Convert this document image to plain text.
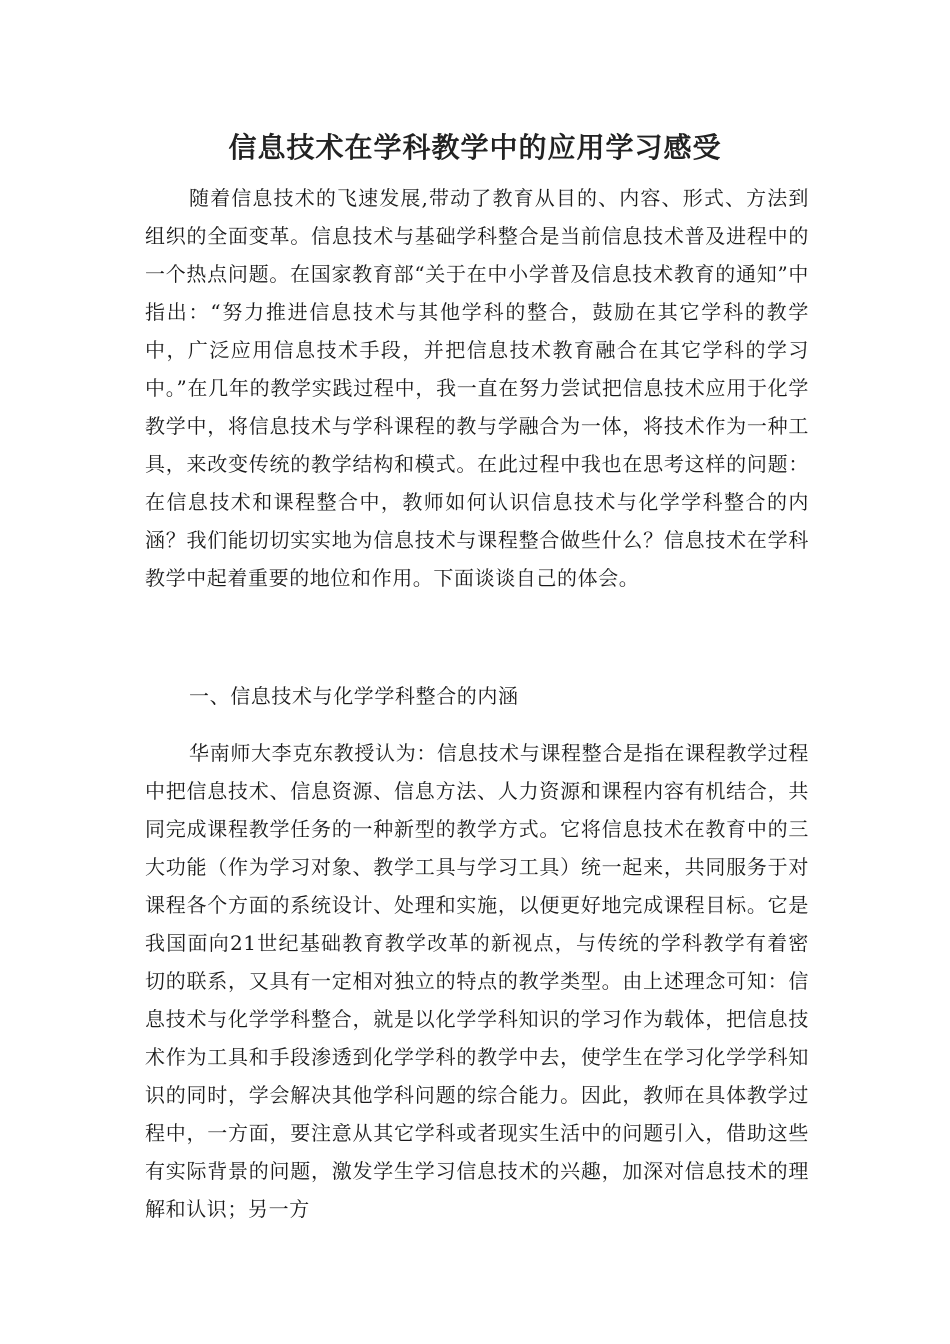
信息技术在学科教学中的应用学习感受

随着信息技术的飞速发展,带动了教育从目的、内容、形式、方法到组织的全面变革。信息技术与基础学科整合是当前信息技术普及进程中的一个热点问题。在国家教育部“关于在中小学普及信息技术教育的通知”中指出：“努力推进信息技术与其他学科的整合，鼓励在其它学科的教学中，广泛应用信息技术手段，并把信息技术教育融合在其它学科的学习中。”在几年的教学实践过程中，我一直在努力尝试把信息技术应用于化学教学中，将信息技术与学科课程的教与学融合为一体，将技术作为一种工具，来改变传统的教学结构和模式。在此过程中我也在思考这样的问题：在信息技术和课程整合中，教师如何认识信息技术与化学学科整合的内涵？我们能切切实实地为信息技术与课程整合做些什么？信息技术在学科教学中起着重要的地位和作用。下面谈谈自己的体会。

一、信息技术与化学学科整合的内涵

华南师大李克东教授认为：信息技术与课程整合是指在课程教学过程中把信息技术、信息资源、信息方法、人力资源和课程内容有机结合，共同完成课程教学任务的一种新型的教学方式。它将信息技术在教育中的三大功能（作为学习对象、教学工具与学习工具）统一起来，共同服务于对课程各个方面的系统设计、处理和实施，以便更好地完成课程目标。它是我国面向21世纪基础教育教学改革的新视点，与传统的学科教学有着密切的联系，又具有一定相对独立的特点的教学类型。由上述理念可知：信息技术与化学学科整合，就是以化学学科知识的学习作为载体，把信息技术作为工具和手段渗透到化学学科的教学中去，使学生在学习化学学科知识的同时，学会解决其他学科问题的综合能力。因此，教师在具体教学过程中，一方面，要注意从其它学科或者现实生活中的问题引入，借助这些有实际背景的问题，激发学生学习信息技术的兴趣，加深对信息技术的理解和认识；另一方
